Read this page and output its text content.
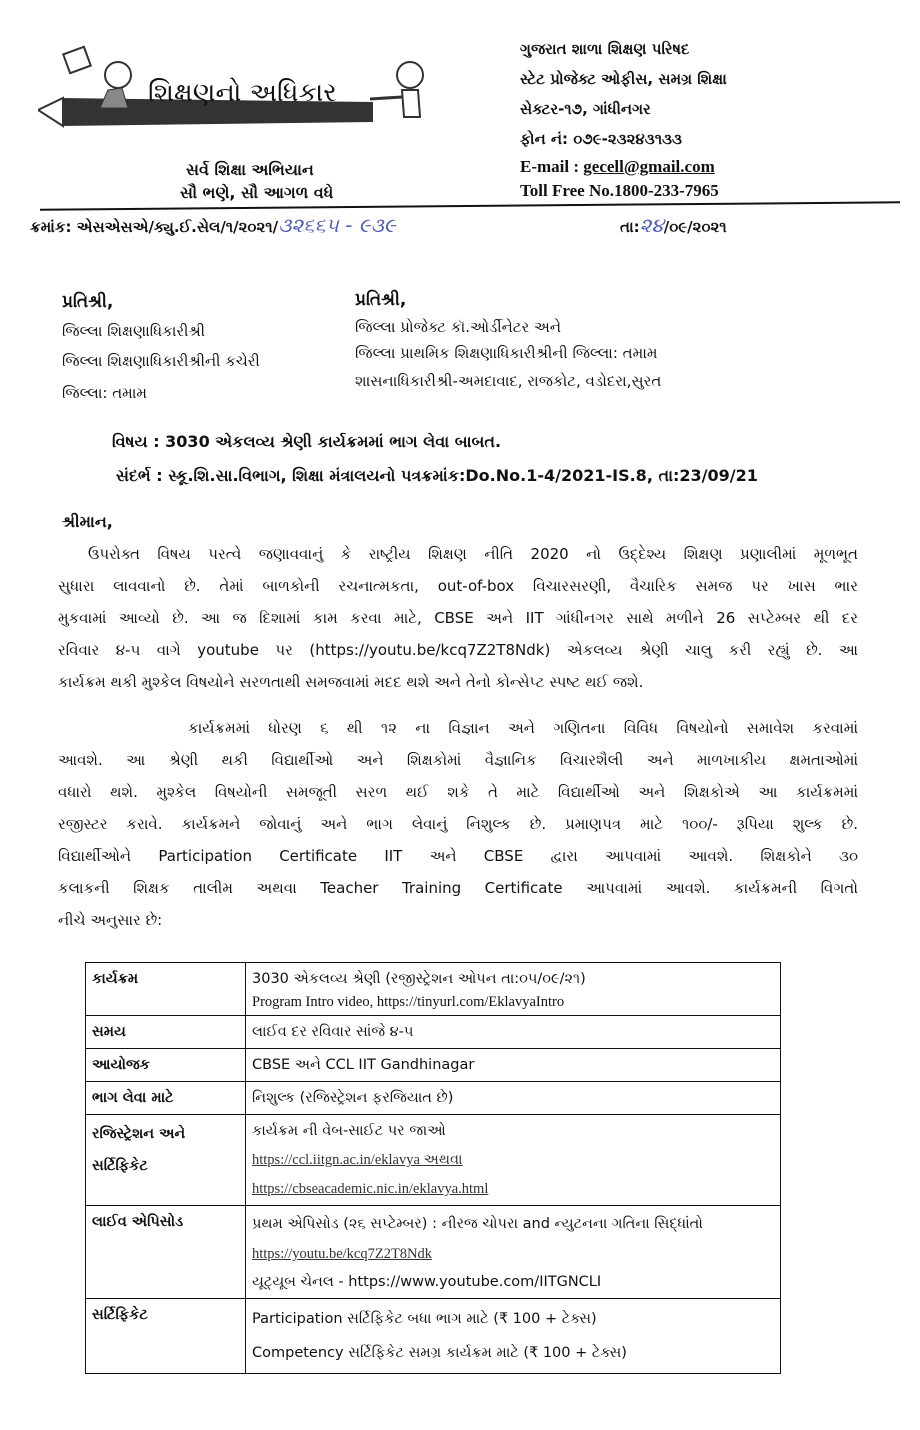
શિક્ષણનો અધિકાર
સર્વ શિક્ષા અભિયાન
સૌ ભણે, સૌ આગળ વધે
ગુજરાત શાળા શિક્ષણ પરિષદ
સ્ટેટ પ્રોજેક્ટ ઓફીસ, સમગ્ર શિક્ષા
સેક્ટર-૧૭, ગાંધીનગર
ફોન નં: ૦૭૯-૨૩૨૪૩૧૩૩
E-mail : gecell@gmail.com
Toll Free No.1800-233-7965
ક્રમાંક: એસએસએ/ક્યુ.ઈ.સેલ/૧/૨૦૨૧/૩૨૬૬૫ - ૯૩૯	તા:૨૪/૦૯/૨૦૨૧
પ્રતિશ્રી,
જિલ્લા શિક્ષણાધિકારીશ્રી
જિલ્લા શિક્ષણાધિકારીશ્રીની કચેરી
જિલ્લા: તમામ
પ્રતિશ્રી,
જિલ્લા પ્રોજેક્ટ કૉ.ઓર્ડીનેટર અને
જિલ્લા પ્રાથમિક શિક્ષણાધિકારીશ્રીની જિલ્લા: તમામ
શાસનાધિકારીશ્રી-અમદાવાદ, રાજકોટ, વડોદરા,સુરત
વિષય : 3030 એકલવ્ય શ્રેણી કાર્યક્રમમાં ભાગ લેવા બાબત.
સંદર્ભ : સ્કૂ.શિ.સા.વિભાગ, શિક્ષા મંત્રાલયનો પત્રક્રમાંક:Do.No.1-4/2021-IS.8, તા:23/09/21
શ્રીમાન,
ઉપરોક્ત વિષય પરત્વે જણાવવાનું કે રાષ્ટ્રીય શિક્ષણ નીતિ 2020 નો ઉદ્દેશ્ય શિક્ષણ પ્રણાલીમાં મૂળભૂત
સુધારા લાવવાનો છે. તેમાં બાળકોની રચનાત્મકતા, out-of-box વિચારસરણી, વૈચારિક સમજ પર ખાસ ભાર
મુકવામાં આવ્યો છે. આ જ દિશામાં કામ કરવા માટે, CBSE અને IIT ગાંધીનગર સાથે મળીને 26 સપ્ટેમ્બર થી દર
રવિવાર ૪-૫ વાગે youtube પર (https://youtu.be/kcq7Z2T8Ndk) એકલવ્ય શ્રેણી ચાલુ કરી રહ્યું છે. આ
કાર્યક્રમ થકી મુશ્કેલ વિષયોને સરળતાથી સમજવામાં મદદ થશે અને તેનો કોન્સેપ્ટ સ્પષ્ટ થઈ જશે.
કાર્યક્રમમાં ધોરણ ૬ થી ૧૨ ના વિજ્ઞાન અને ગણિતના વિવિધ વિષયોનો સમાવેશ કરવામાં
આવશે. આ શ્રેણી થકી વિદ્યાર્થીઓ અને શિક્ષકોમાં વૈજ્ઞાનિક વિચારશૈલી અને માળખાકીય ક્ષમતાઓમાં
વધારો થશે. મુશ્કેલ વિષયોની સમજૂતી સરળ થઈ શકે તે માટે વિદ્યાર્થીઓ અને શિક્ષકોએ આ કાર્યક્રમમાં
રજીસ્ટર કરાવે. કાર્યક્રમને જોવાનું અને ભાગ લેવાનું નિશુલ્ક છે. પ્રમાણપત્ર માટે ૧૦૦/- રૂપિયા શુલ્ક છે.
વિદ્યાર્થીઓને Participation Certificate IIT અને CBSE દ્વારા આપવામાં આવશે. શિક્ષકોને ૩૦
કલાકની શિક્ષક તાલીમ અથવા Teacher Training Certificate આપવામાં આવશે. કાર્યક્રમની વિગતો
નીચે અનુસાર છે:
કાર્યક્રમ	3030 એકલવ્ય શ્રેણી (રજીસ્ટ્રેશન ઓપન તા:૦૫/૦૯/૨૧)
Program Intro video, https://tinyurl.com/EklavyaIntro

સમય	લાઈવ દર રવિવાર સાંજે ૪-૫
આયોજક	CBSE અને CCL IIT Gandhinagar
ભાગ લેવા માટે	નિશુલ્ક (રજિસ્ટ્રેશન ફરજિયાત છે)
રજિસ્ટ્રેશન અને સર્ટિફિકેટ	કાર્યક્રમ ની વેબ-સાઈટ પર જાઓ
https://ccl.iitgn.ac.in/eklavya અથવા
https://cbseacademic.nic.in/eklavya.html

લાઈવ એપિસોડ	પ્રથમ એપિસોડ (૨૬ સપ્ટેમ્બર) : નીરજ ચોપરા and ન્યુટનના ગતિના સિદ્ધાંતો
https://youtu.be/kcq7Z2T8Ndk
યૂટ્યૂબ ચેનલ - https://www.youtube.com/IITGNCLI

સર્ટિફિકેટ	Participation સર્ટિફિકેટ બધા ભાગ માટે (₹ 100 + ટેક્સ)
Competency સર્ટિફિકેટ સમગ્ર કાર્યક્રમ માટે (₹ 100 + ટેક્સ)
